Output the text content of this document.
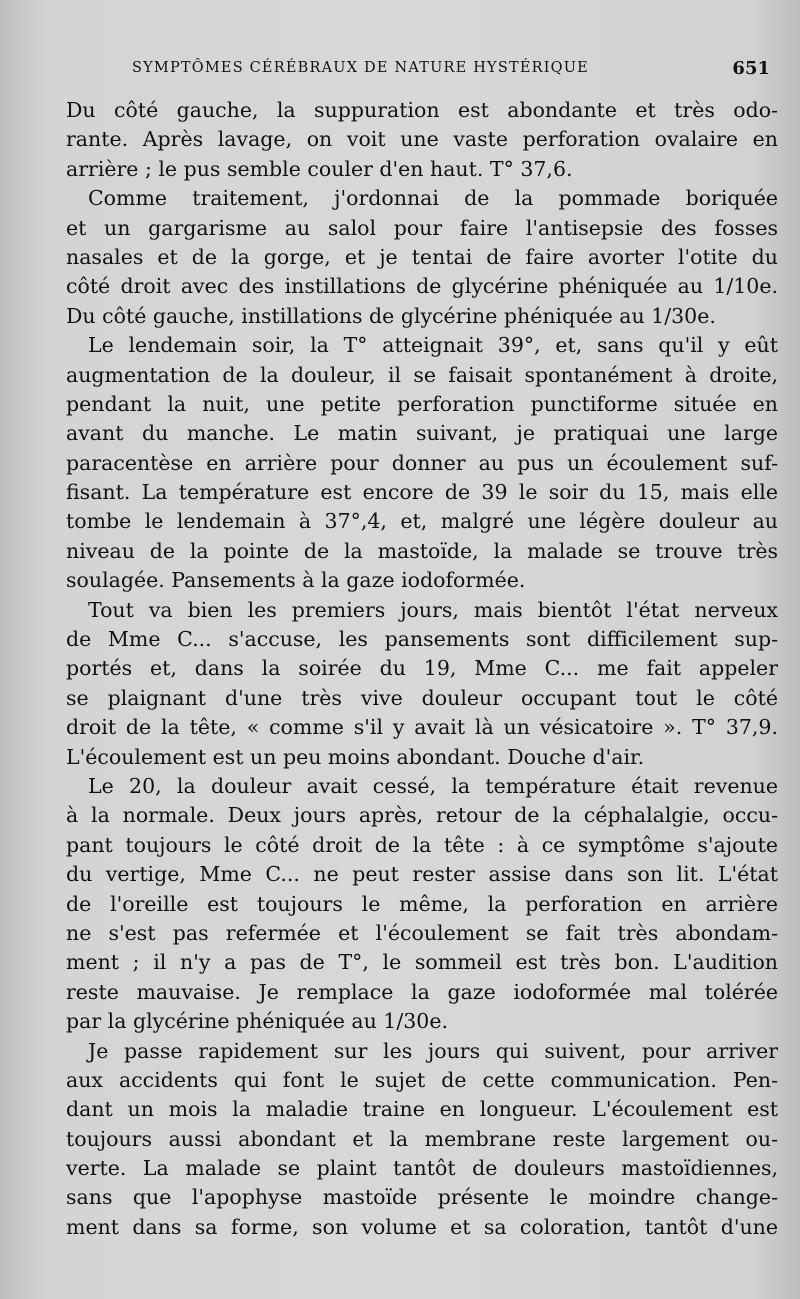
SYMPTÔMES CÉRÉBRAUX DE NATURE HYSTÉRIQUE	651
Du côté gauche, la suppuration est abondante et très odo-
rante. Après lavage, on voit une vaste perforation ovalaire en
arrière ; le pus semble couler d'en haut. T° 37,6.
Comme traitement, j'ordonnai de la pommade boriquée
et un gargarisme au salol pour faire l'antisepsie des fosses
nasales et de la gorge, et je tentai de faire avorter l'otite du
côté droit avec des instillations de glycérine phéniquée au 1/10e.
Du côté gauche, instillations de glycérine phéniquée au 1/30e.
Le lendemain soir, la T° atteignait 39°, et, sans qu'il y eût
augmentation de la douleur, il se faisait spontanément à droite,
pendant la nuit, une petite perforation punctiforme située en
avant du manche. Le matin suivant, je pratiquai une large
paracentèse en arrière pour donner au pus un écoulement suf-
fisant. La température est encore de 39 le soir du 15, mais elle
tombe le lendemain à 37°,4, et, malgré une légère douleur au
niveau de la pointe de la mastoïde, la malade se trouve très
soulagée. Pansements à la gaze iodoformée.
Tout va bien les premiers jours, mais bientôt l'état nerveux
de Mme C... s'accuse, les pansements sont difficilement sup-
portés et, dans la soirée du 19, Mme C... me fait appeler
se plaignant d'une très vive douleur occupant tout le côté
droit de la tête, « comme s'il y avait là un vésicatoire ». T° 37,9.
L'écoulement est un peu moins abondant. Douche d'air.
Le 20, la douleur avait cessé, la température était revenue
à la normale. Deux jours après, retour de la céphalalgie, occu-
pant toujours le côté droit de la tête : à ce symptôme s'ajoute
du vertige, Mme C... ne peut rester assise dans son lit. L'état
de l'oreille est toujours le même, la perforation en arrière
ne s'est pas refermée et l'écoulement se fait très abondam-
ment ; il n'y a pas de T°, le sommeil est très bon. L'audition
reste mauvaise. Je remplace la gaze iodoformée mal tolérée
par la glycérine phéniquée au 1/30e.
Je passe rapidement sur les jours qui suivent, pour arriver
aux accidents qui font le sujet de cette communication. Pen-
dant un mois la maladie traine en longueur. L'écoulement est
toujours aussi abondant et la membrane reste largement ou-
verte. La malade se plaint tantôt de douleurs mastoïdiennes,
sans que l'apophyse mastoïde présente le moindre change-
ment dans sa forme, son volume et sa coloration, tantôt d'une
